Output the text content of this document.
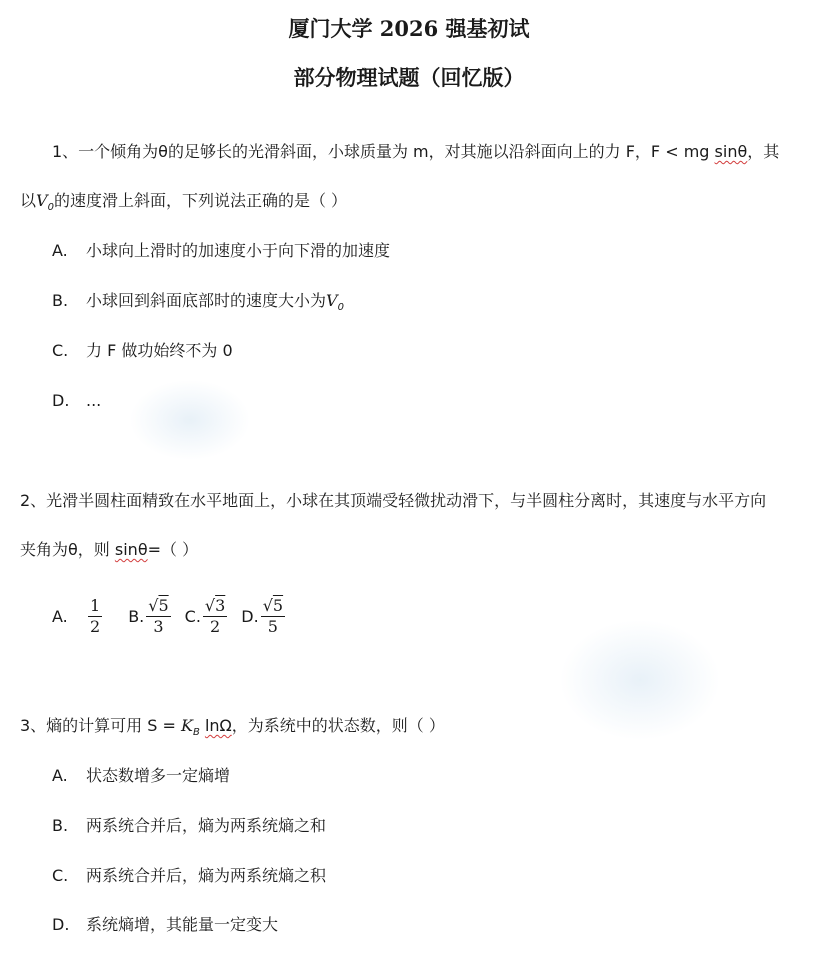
厦门大学 2026 强基初试
部分物理试题（回忆版）
1、一个倾角为θ的足够长的光滑斜面，小球质量为 m，对其施以沿斜面向上的力 F，F < mg sinθ，其
以$V_0$的速度滑上斜面，下列说法正确的是（ ）
A. 小球向上滑时的加速度小于向下滑的加速度
B. 小球回到斜面底部时的速度大小为$V_0$
C. 力 F 做功始终不为 0
D. ...
2、光滑半圆柱面精致在水平地面上，小球在其顶端受轻微扰动滑下，与半圆柱分离时，其速度与水平方向
夹角为θ，则 sinθ=（ ）
A.	$\frac{1}{2} B$. $\frac{√5}{3} C$. $\frac{√3}{2} D$. $\frac{√5}{5}$
3、熵的计算可用 $S = K_B$ lnΩ，为系统中的状态数，则（ ）
A. 状态数增多一定熵增
B. 两系统合并后，熵为两系统熵之和
C. 两系统合并后，熵为两系统熵之积
D. 系统熵增，其能量一定变大
